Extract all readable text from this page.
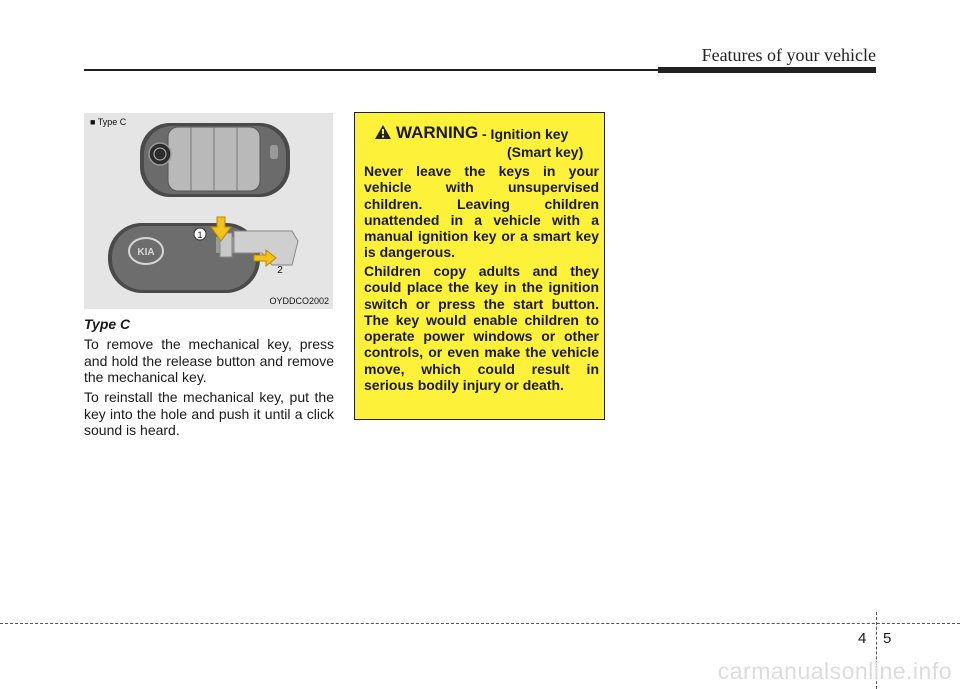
Features of your vehicle
KIA
1
2
■ Type C
OYDDCO2002
Type C

To remove the mechanical key, press and hold the release button and remove the mechanical key.

To reinstall the mechanical key, put the key into the hole and push it until a click sound is heard.

WARNING - Ignition key
(Smart key)

Never leave the keys in your vehicle with unsupervised children. Leaving children unattended in a vehicle with a manual ignition key or a smart key is dangerous.

Children copy adults and they could place the key in the ignition switch or press the start button. The key would enable children to operate power windows or other controls, or even make the vehicle move, which could result in serious bodily injury or death.

4 5
carmanualsonline.info
